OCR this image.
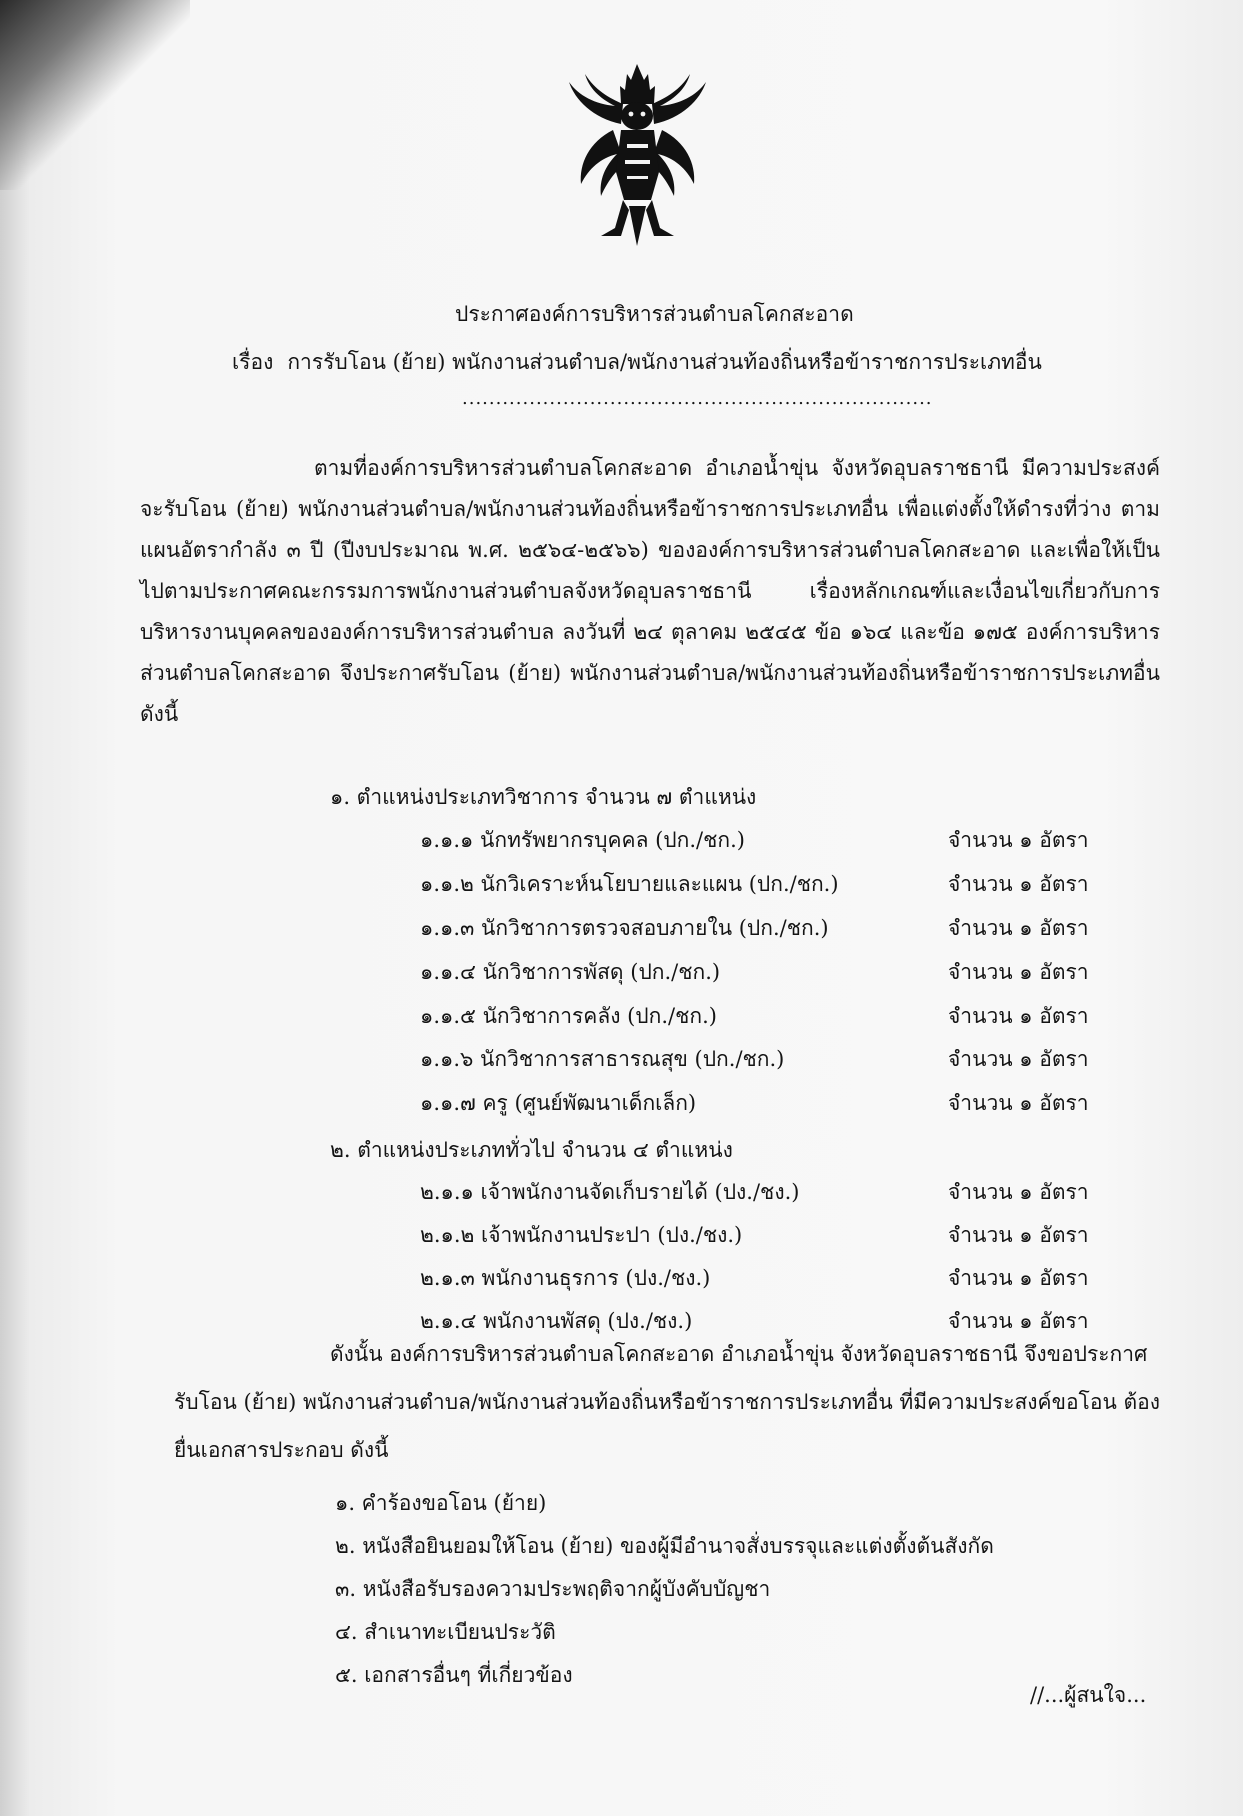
ประกาศองค์การบริหารส่วนตำบลโคกสะอาด
เรื่อง การรับโอน (ย้าย) พนักงานส่วนตำบล/พนักงานส่วนท้องถิ่นหรือข้าราชการประเภทอื่น
......................................................................

ตามที่องค์การบริหารส่วนตำบลโคกสะอาด อำเภอน้ำขุ่น จังหวัดอุบลราชธานี มีความประสงค์จะรับโอน (ย้าย) พนักงานส่วนตำบล/พนักงานส่วนท้องถิ่นหรือข้าราชการประเภทอื่น เพื่อแต่งตั้งให้ดำรงที่ว่าง ตามแผนอัตรากำลัง ๓ ปี (ปีงบประมาณ พ.ศ. ๒๕๖๔-๒๕๖๖) ขององค์การบริหารส่วนตำบลโคกสะอาด และเพื่อให้เป็นไปตามประกาศคณะกรรมการพนักงานส่วนตำบลจังหวัดอุบลราชธานี เรื่องหลักเกณฑ์และเงื่อนไขเกี่ยวกับการบริหารงานบุคคลขององค์การบริหารส่วนตำบล ลงวันที่ ๒๔ ตุลาคม ๒๕๔๕ ข้อ ๑๖๔ และข้อ ๑๗๕ องค์การบริหารส่วนตำบลโคกสะอาด จึงประกาศรับโอน (ย้าย) พนักงานส่วนตำบล/พนักงานส่วนท้องถิ่นหรือข้าราชการประเภทอื่น ดังนี้

๑. ตำแหน่งประเภทวิชาการ จำนวน ๗ ตำแหน่ง
๑.๑.๑ นักทรัพยากรบุคคล (ปก./ชก.)	จำนวน ๑ อัตรา
๑.๑.๒ นักวิเคราะห์นโยบายและแผน (ปก./ชก.)	จำนวน ๑ อัตรา
๑.๑.๓ นักวิชาการตรวจสอบภายใน (ปก./ชก.)	จำนวน ๑ อัตรา
๑.๑.๔ นักวิชาการพัสดุ (ปก./ชก.)	จำนวน ๑ อัตรา
๑.๑.๕ นักวิชาการคลัง (ปก./ชก.)	จำนวน ๑ อัตรา
๑.๑.๖ นักวิชาการสาธารณสุข (ปก./ชก.)	จำนวน ๑ อัตรา
๑.๑.๗ ครู (ศูนย์พัฒนาเด็กเล็ก)	จำนวน ๑ อัตรา
๒. ตำแหน่งประเภททั่วไป จำนวน ๔ ตำแหน่ง
๒.๑.๑ เจ้าพนักงานจัดเก็บรายได้ (ปง./ชง.)	จำนวน ๑ อัตรา
๒.๑.๒ เจ้าพนักงานประปา (ปง./ชง.)	จำนวน ๑ อัตรา
๒.๑.๓ พนักงานธุรการ (ปง./ชง.)	จำนวน ๑ อัตรา
๒.๑.๔ พนักงานพัสดุ (ปง./ชง.)	จำนวน ๑ อัตรา

ดังนั้น องค์การบริหารส่วนตำบลโคกสะอาด อำเภอน้ำขุ่น จังหวัดอุบลราชธานี จึงขอประกาศรับโอน (ย้าย) พนักงานส่วนตำบล/พนักงานส่วนท้องถิ่นหรือข้าราชการประเภทอื่น ที่มีความประสงค์ขอโอน ต้องยื่นเอกสารประกอบ ดังนี้

๑. คำร้องขอโอน (ย้าย)
๒. หนังสือยินยอมให้โอน (ย้าย) ของผู้มีอำนาจสั่งบรรจุและแต่งตั้งต้นสังกัด
๓. หนังสือรับรองความประพฤติจากผู้บังคับบัญชา
๔. สำเนาทะเบียนประวัติ
๕. เอกสารอื่นๆ ที่เกี่ยวข้อง
//...ผู้สนใจ...
